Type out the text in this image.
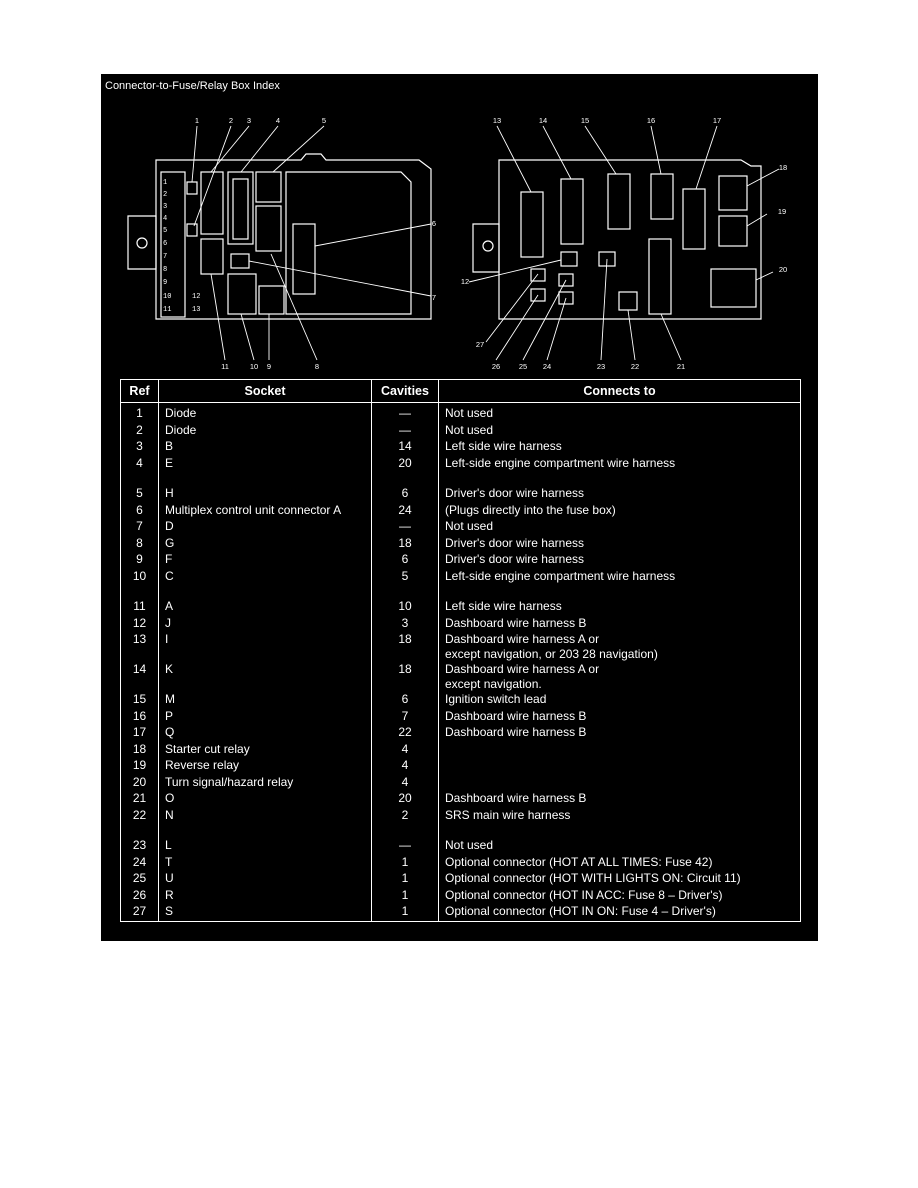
Connector-to-Fuse/Relay Box Index
1
2
3
4
5
6
7
8
9
10
11
12
13
1	2 3	4	5
6
7
8
9
10
11
12
13	14	15	16	17
18
19
20
21
22
23
24
25
26
27
Ref	Socket	Cavities	Connects to
1	Diode	—	Not used
2	Diode	—	Not used
3	B	14	Left side wire harness
4	E	20	Left-side engine compartment wire harness
5	H	6	Driver's door wire harness
6	Multiplex control unit connector A	24	(Plugs directly into the fuse box)
7	D	—	Not used
8	G	18	Driver's door wire harness
9	F	6	Driver's door wire harness
10	C	5	Left-side engine compartment wire harness
11	A	10	Left side wire harness
12	J	3	Dashboard wire harness B
13	I	18	Dashboard wire harness A or
except navigation, or 203 28 navigation)

14	K	18	Dashboard wire harness A or
except navigation.

15	M	6	Ignition switch lead
16	P	7	Dashboard wire harness B
17	Q	22	Dashboard wire harness B
18	Starter cut relay	4	
19	Reverse relay	4	
20	Turn signal/hazard relay	4	
21	O	20	Dashboard wire harness B
22	N	2	SRS main wire harness
23	L	—	Not used
24	T	1	Optional connector (HOT AT ALL TIMES: Fuse 42)
25	U	1	Optional connector (HOT WITH LIGHTS ON: Circuit 11)
26	R	1	Optional connector (HOT IN ACC: Fuse 8 – Driver's)
27	S	1	Optional connector (HOT IN ON: Fuse 4 – Driver's)
